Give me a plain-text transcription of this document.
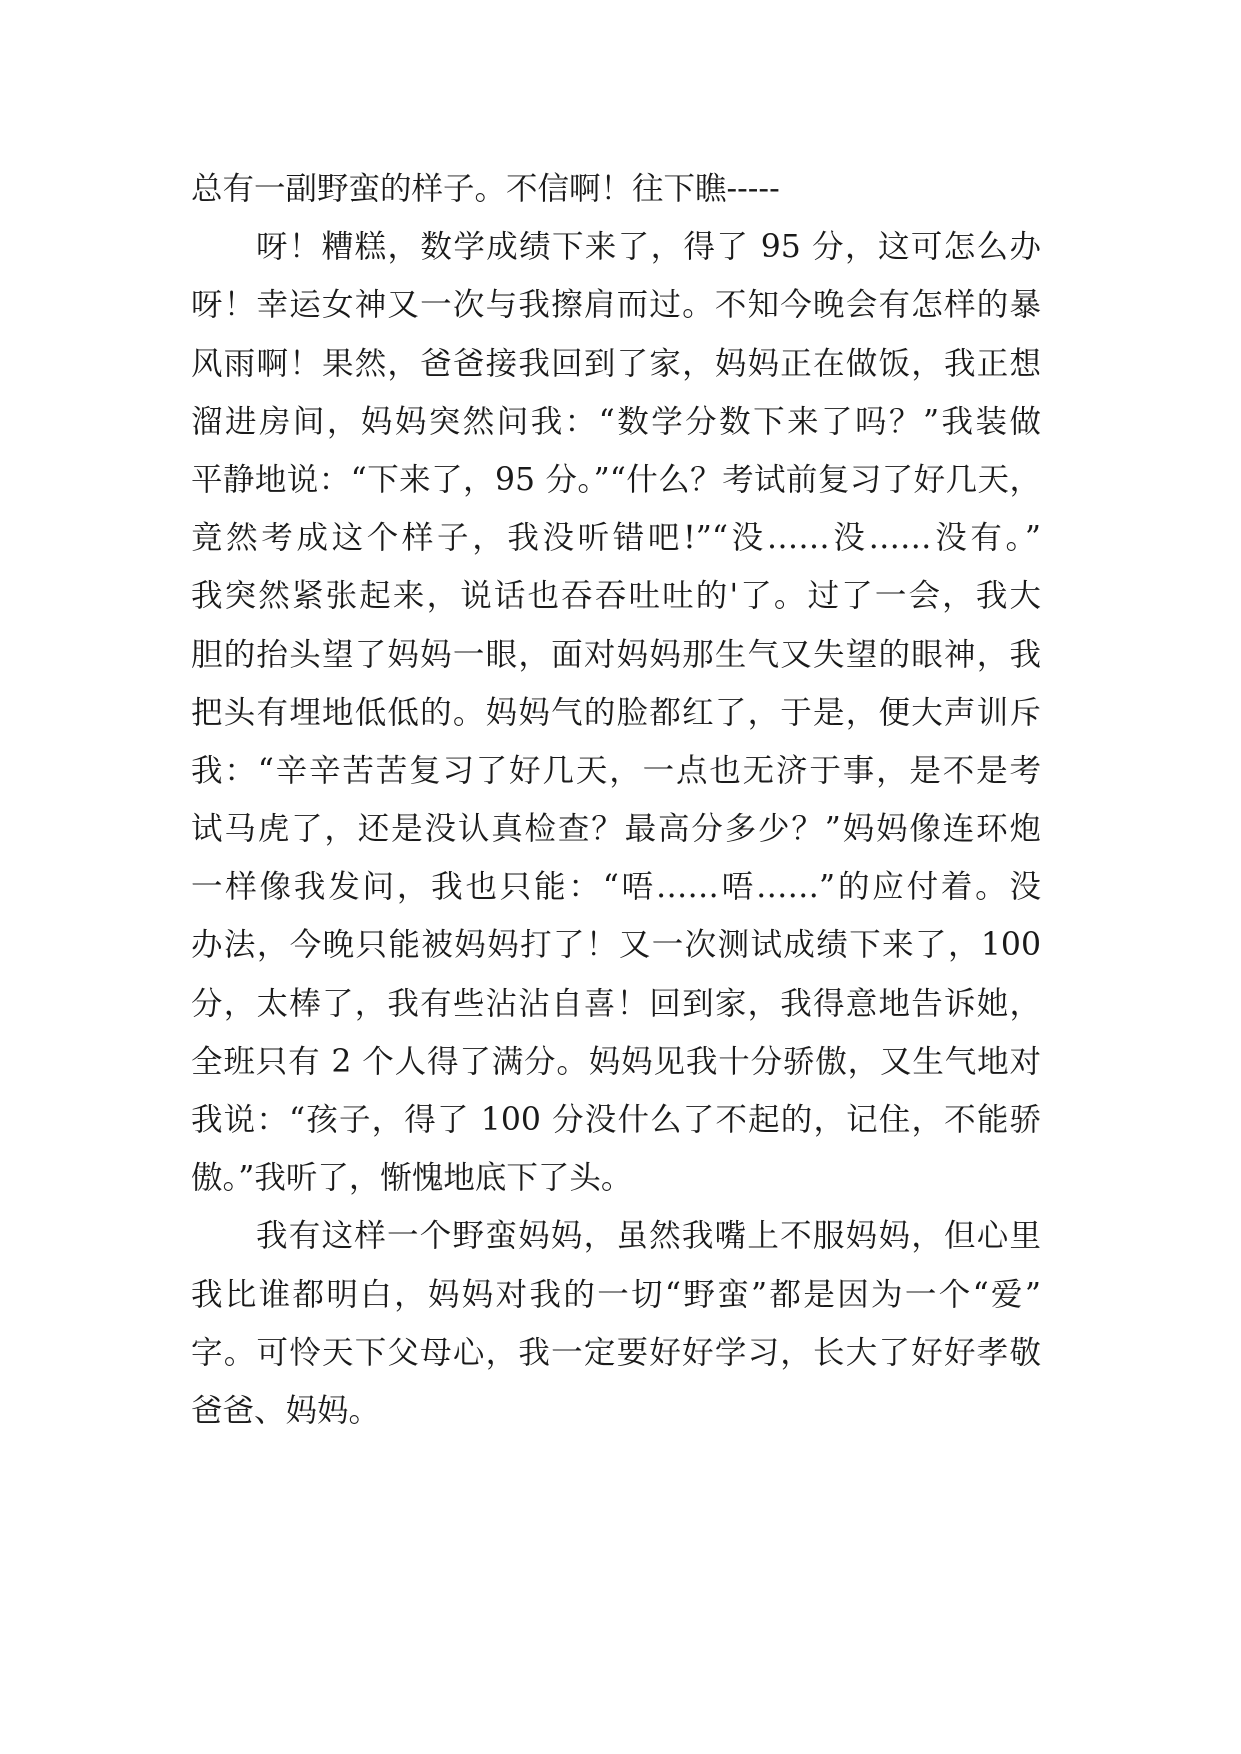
总有一副野蛮的样子。不信啊！往下瞧-----
呀！糟糕，数学成绩下来了，得了 95 分，这可怎么办
呀！幸运女神又一次与我擦肩而过。不知今晚会有怎样的暴
风雨啊！果然，爸爸接我回到了家，妈妈正在做饭，我正想
溜进房间，妈妈突然问我：“数学分数下来了吗？”我装做
平静地说：“下来了，95 分。”“什么？考试前复习了好几天，
竟然考成这个样子，我没听错吧!”“没……没……没有。”
我突然紧张起来，说话也吞吞吐吐的'了。过了一会，我大
胆的抬头望了妈妈一眼，面对妈妈那生气又失望的眼神，我
把头有埋地低低的。妈妈气的脸都红了，于是，便大声训斥
我：“辛辛苦苦复习了好几天，一点也无济于事，是不是考
试马虎了，还是没认真检查？最高分多少？”妈妈像连环炮
一样像我发问，我也只能：“唔……唔……”的应付着。没
办法，今晚只能被妈妈打了！又一次测试成绩下来了，100
分，太棒了，我有些沾沾自喜！回到家，我得意地告诉她，
全班只有 2 个人得了满分。妈妈见我十分骄傲，又生气地对
我说：“孩子，得了 100 分没什么了不起的，记住，不能骄
傲。”我听了，惭愧地底下了头。
我有这样一个野蛮妈妈，虽然我嘴上不服妈妈，但心里
我比谁都明白，妈妈对我的一切“野蛮”都是因为一个“爱”
字。可怜天下父母心，我一定要好好学习，长大了好好孝敬
爸爸、妈妈。
